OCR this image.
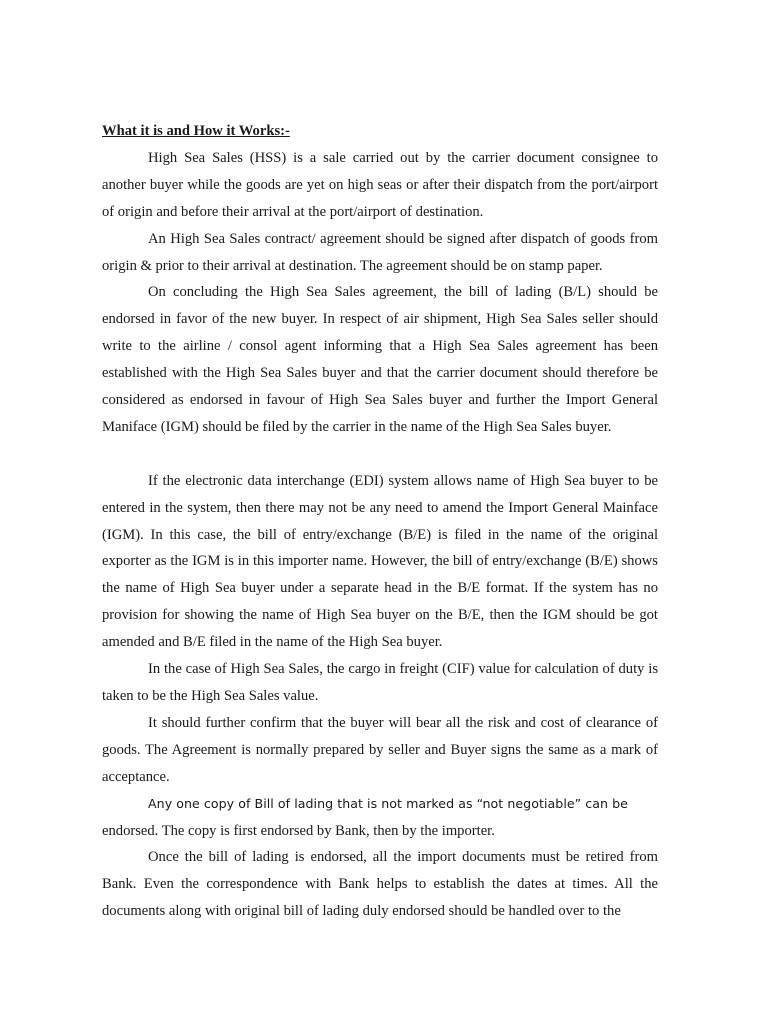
What it is and How it Works:-

High Sea Sales (HSS) is a sale carried out by the carrier document consignee to another buyer while the goods are yet on high seas or after their dispatch from the port/airport of origin and before their arrival at the port/airport of destination.

An High Sea Sales contract/ agreement should be signed after dispatch of goods from origin & prior to their arrival at destination. The agreement should be on stamp paper.

On concluding the High Sea Sales agreement, the bill of lading (B/L) should be endorsed in favor of the new buyer. In respect of air shipment, High Sea Sales seller should write to the airline / consol agent informing that a High Sea Sales agreement has been established with the High Sea Sales buyer and that the carrier document should therefore be considered as endorsed in favour of High Sea Sales buyer and further the Import General Maniface (IGM) should be filed by the carrier in the name of the High Sea Sales buyer.

If the electronic data interchange (EDI) system allows name of High Sea buyer to be entered in the system, then there may not be any need to amend the Import General Mainface (IGM). In this case, the bill of entry/exchange (B/E) is filed in the name of the original exporter as the IGM is in this importer name. However, the bill of entry/exchange (B/E) shows the name of High Sea buyer under a separate head in the B/E format. If the system has no provision for showing the name of High Sea buyer on the B/E, then the IGM should be got amended and B/E filed in the name of the High Sea buyer.

In the case of High Sea Sales, the cargo in freight (CIF) value for calculation of duty is taken to be the High Sea Sales value.

It should further confirm that the buyer will bear all the risk and cost of clearance of goods. The Agreement is normally prepared by seller and Buyer signs the same as a mark of acceptance.

Any one copy of Bill of lading that is not marked as “not negotiable” can be
endorsed. The copy is first endorsed by Bank, then by the importer.

Once the bill of lading is endorsed, all the import documents must be retired from Bank. Even the correspondence with Bank helps to establish the dates at times. All the documents along with original bill of lading duly endorsed should be handled over to the
